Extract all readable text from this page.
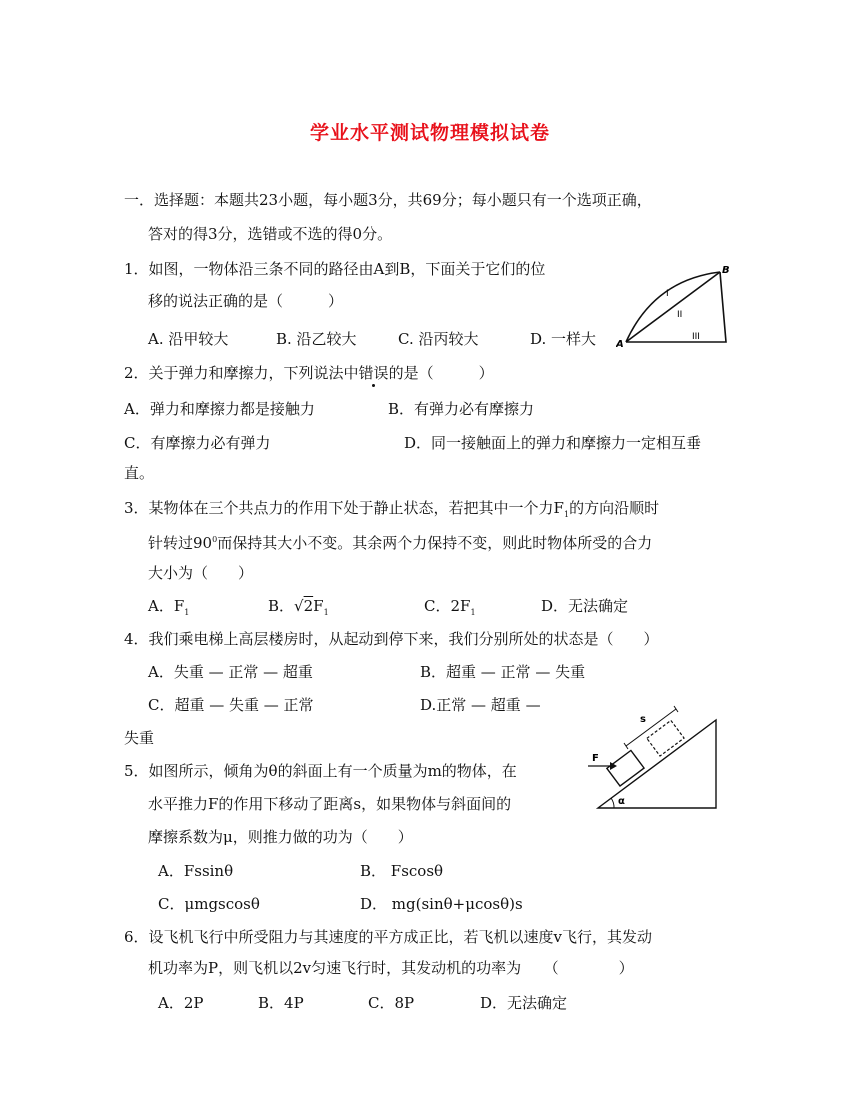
学业水平测试物理模拟试卷
一．选择题：本题共23小题，每小题3分，共69分；每小题只有一个选项正确，
答对的得3分，选错或不选的得0分。
1．如图，一物体沿三条不同的路径由A到B，下面关于它们的位
移的说法正确的是（　　　）
A. 沿甲较大	B. 沿乙较大	C. 沿丙较大	D. 一样大 A
B
I
II
III
2．关于弹力和摩擦力，下列说法中错误的是（　　　）
A．弹力和摩擦力都是接触力	B．有弹力必有摩擦力
C．有摩擦力必有弹力	D．同一接触面上的弹力和摩擦力一定相互垂
直。
3．某物体在三个共点力的作用下处于静止状态，若把其中一个力$F_1$的方向沿顺时
针转过$90^0$而保持其大小不变。其余两个力保持不变，则此时物体所受的合力
大小为（　　）
A．$F_1$	B．$√2F_1$	C．$2F_1$	D．无法确定
4．我们乘电梯上高层楼房时，从起动到停下来，我们分别所处的状态是（　　）
A．失重 — 正常 — 超重	B．超重 — 正常 — 失重
C．超重 — 失重 — 正常	D.正常 — 超重 —
失重
F
s
α
5．如图所示，倾角为θ的斜面上有一个质量为m的物体，在
水平推力F的作用下移动了距离s，如果物体与斜面间的
摩擦系数为μ，则推力做的功为（　　）
A．Fssinθ	B． Fscosθ
C．μmgscosθ	D． mg(sinθ+μcosθ)s
6．设飞机飞行中所受阻力与其速度的平方成正比，若飞机以速度v飞行，其发动
机功率为P，则飞机以2v匀速飞行时，其发动机的功率为　　（　　　　）
A．2P	B．4P	C．8P	D．无法确定
